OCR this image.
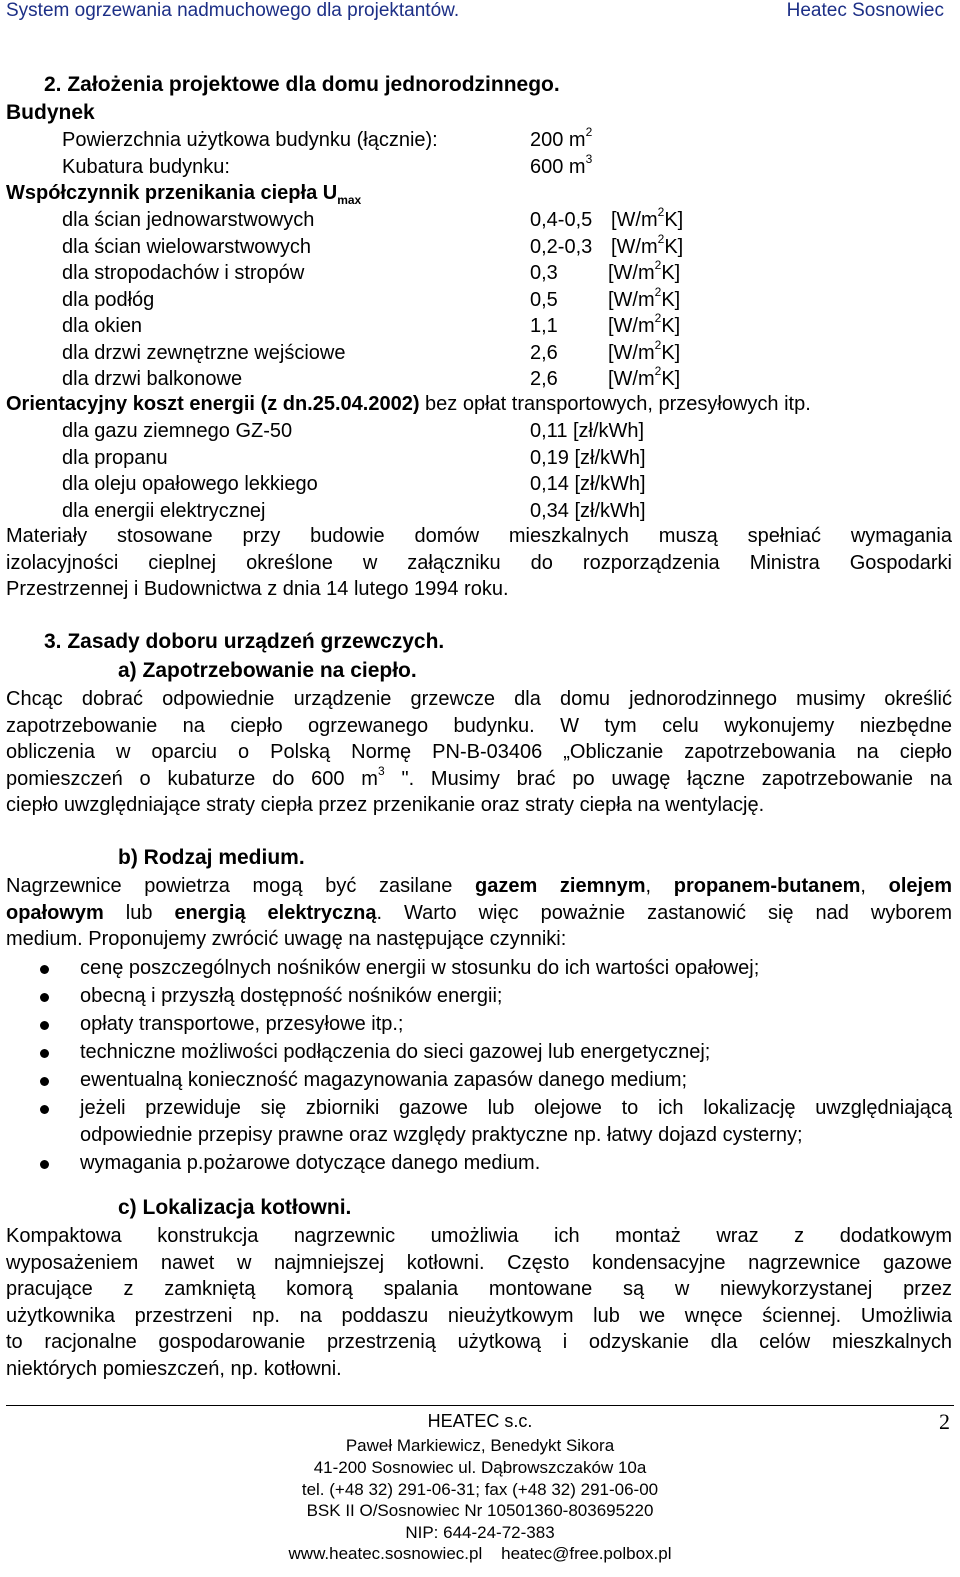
System ogrzewania nadmuchowego dla projektantów.	Heatec Sosnowiec
2. Założenia projektowe dla domu jednorodzinnego.
Budynek
Powierzchnia użytkowa budynku (łącznie):	200 $m^2$
Kubatura budynku:	600 $m^3$
Współczynnik przenikania ciepła $U_{max}$
dla ścian jednowarstwowych	0,4-0,5 $[W/m^2K]$
dla ścian wielowarstwowych	0,2-0,3 $[W/m^2K]$
dla stropodachów i stropów	0,3	$[W/m^2K]$
dla podłóg	0,5	$[W/m^2K]$
dla okien	1,1	$[W/m^2K]$
dla drzwi zewnętrzne wejściowe	2,6	$[W/m^2K]$
dla drzwi balkonowe	2,6	$[W/m^2K]$
Orientacyjny koszt energii (z dn.25.04.2002) bez opłat transportowych, przesyłowych itp.
dla gazu ziemnego GZ-50	0,11 [zł/kWh]
dla propanu	0,19 [zł/kWh]
dla oleju opałowego lekkiego	0,14 [zł/kWh]
dla energii elektrycznej	0,34 [zł/kWh]
Materiały stosowane przy budowie domów mieszkalnych muszą spełniać wymagania
izolacyjności cieplnej określone w załączniku do rozporządzenia Ministra Gospodarki
Przestrzennej i Budownictwa z dnia 14 lutego 1994 roku.
3. Zasady doboru urządzeń grzewczych.
a) Zapotrzebowanie na ciepło.
Chcąc dobrać odpowiednie urządzenie grzewcze dla domu jednorodzinnego musimy określić
zapotrzebowanie na ciepło ogrzewanego budynku. W tym celu wykonujemy niezbędne
obliczenia w oparciu o Polską Normę PN-B-03406 „Obliczanie zapotrzebowania na ciepło
pomieszczeń o kubaturze do 600 $m^3$ ". Musimy brać po uwagę łączne zapotrzebowanie na
ciepło uwzględniające straty ciepła przez przenikanie oraz straty ciepła na wentylację.
b) Rodzaj medium.
Nagrzewnice powietrza mogą być zasilane gazem ziemnym, propanem-butanem, olejem
opałowym lub energią elektryczną. Warto więc poważnie zastanowić się nad wyborem
medium. Proponujemy zwrócić uwagę na następujące czynniki:
cenę poszczególnych nośników energii w stosunku do ich wartości opałowej;
obecną i przyszłą dostępność nośników energii;
opłaty transportowe, przesyłowe itp.;
techniczne możliwości podłączenia do sieci gazowej lub energetycznej;
ewentualną konieczność magazynowania zapasów danego medium;
jeżeli przewiduje się zbiorniki gazowe lub olejowe to ich lokalizację uwzględniającą
odpowiednie przepisy prawne oraz względy praktyczne np. łatwy dojazd cysterny;
wymagania p.pożarowe dotyczące danego medium.
c) Lokalizacja kotłowni.
Kompaktowa konstrukcja nagrzewnic umożliwia ich montaż wraz z dodatkowym
wyposażeniem nawet w najmniejszej kotłowni. Często kondensacyjne nagrzewnice gazowe
pracujące z zamkniętą komorą spalania montowane są w niewykorzystanej przez
użytkownika przestrzeni np. na poddaszu nieużytkowym lub we wnęce ściennej. Umożliwia
to racjonalne gospodarowanie przestrzenią użytkową i odzyskanie dla celów mieszkalnych
niektórych pomieszczeń, np. kotłowni.
2
HEATEC s.c.
Paweł Markiewicz, Benedykt Sikora
41-200 Sosnowiec ul. Dąbrowszczaków 10a
tel. (+48 32) 291-06-31; fax (+48 32) 291-06-00
BSK II O/Sosnowiec Nr 10501360-803695220
NIP: 644-24-72-383
www.heatec.sosnowiec.pl    heatec@free.polbox.pl
